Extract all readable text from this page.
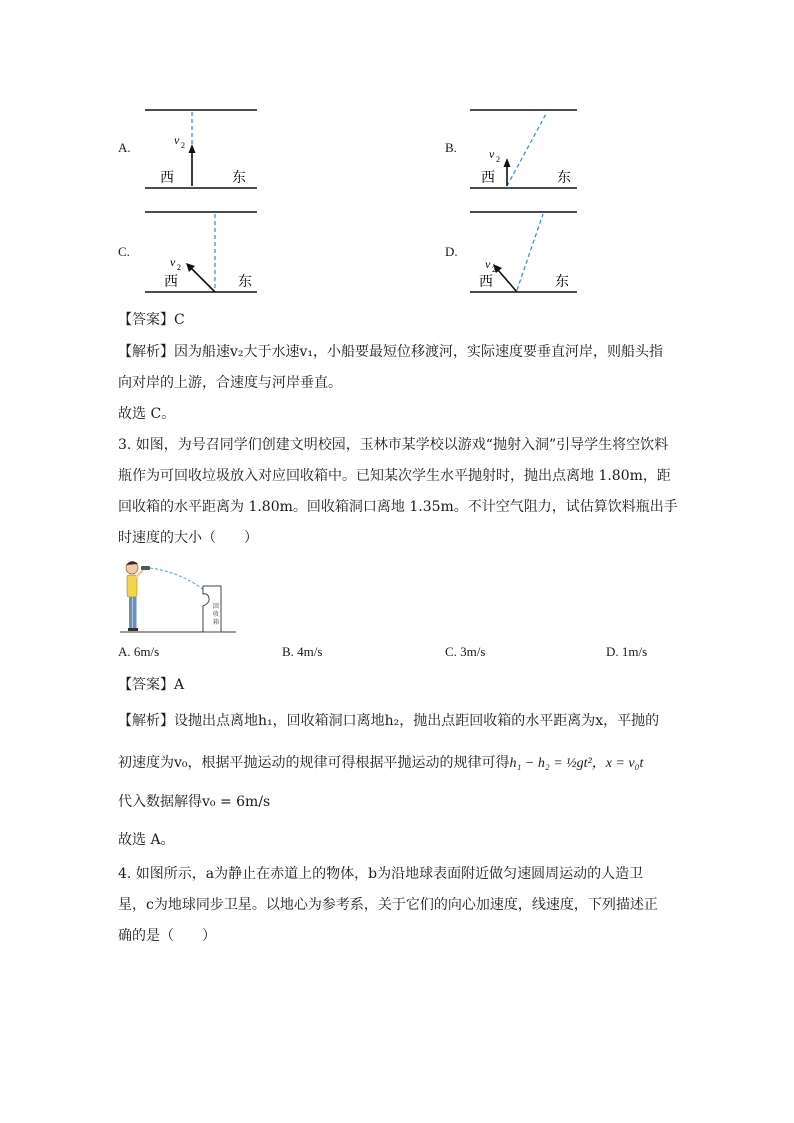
A.	v 2
西	东
B.	v 2
西	东
C.
v 2
西	东
D.
v 2
西	东
【答案】C
【解析】因为船速v₂大于水速v₁，小船要最短位移渡河，实际速度要垂直河岸，则船头指
向对岸的上游，合速度与河岸垂直。
故选 C。
3. 如图，为号召同学们创建文明校园，玉林市某学校以游戏“抛射入洞”引导学生将空饮料
瓶作为可回收垃圾放入对应回收箱中。已知某次学生水平抛射时，抛出点离地 1.80m，距
回收箱的水平距离为 1.80m。回收箱洞口离地 1.35m。不计空气阻力，试估算饮料瓶出手
时速度的大小（　　）
回
收
箱
A. 6m/s	B. 4m/s	C. 3m/s	D. 1m/s
【答案】A
【解析】设抛出点离地h₁，回收箱洞口离地h₂，抛出点距回收箱的水平距离为x，平抛的
初速度为v₀，根据平抛运动的规律可得根据平抛运动的规律可得h₁ − h₂ = ½gt²，x = v₀t
代入数据解得v₀ = 6m/s
故选 A。
4. 如图所示，a为静止在赤道上的物体，b为沿地球表面附近做匀速圆周运动的人造卫
星，c为地球同步卫星。以地心为参考系，关于它们的向心加速度，线速度，下列描述正
确的是（　　）
